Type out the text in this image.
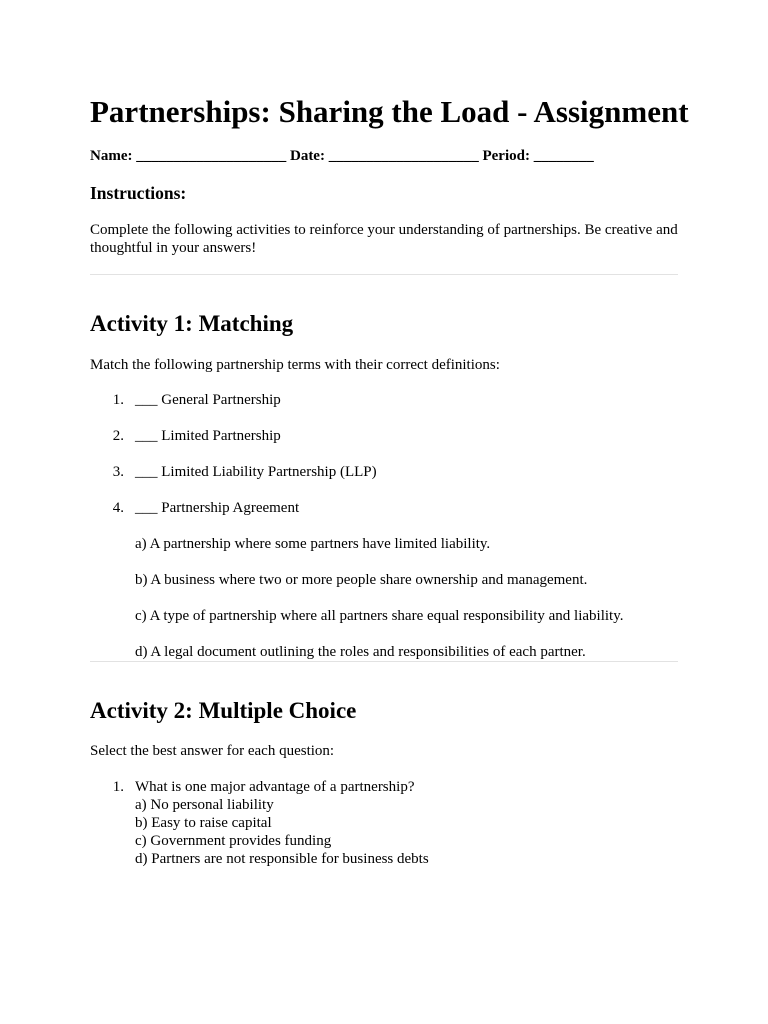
Partnerships: Sharing the Load - Assignment
Name: ____________________ Date: ____________________ Period: ________
Instructions:

Complete the following activities to reinforce your understanding of partnerships. Be creative and thoughtful in your answers!

Activity 1: Matching

Match the following partnership terms with their correct definitions:

1. ___ General Partnership
2. ___ Limited Partnership
3. ___ Limited Liability Partnership (LLP)
4. ___ Partnership Agreement

a) A partnership where some partners have limited liability.

b) A business where two or more people share ownership and management.

c) A type of partnership where all partners share equal responsibility and liability.

d) A legal document outlining the roles and responsibilities of each partner.

Activity 2: Multiple Choice

Select the best answer for each question:

1. What is one major advantage of a partnership?
a) No personal liability
b) Easy to raise capital
c) Government provides funding
d) Partners are not responsible for business debts
